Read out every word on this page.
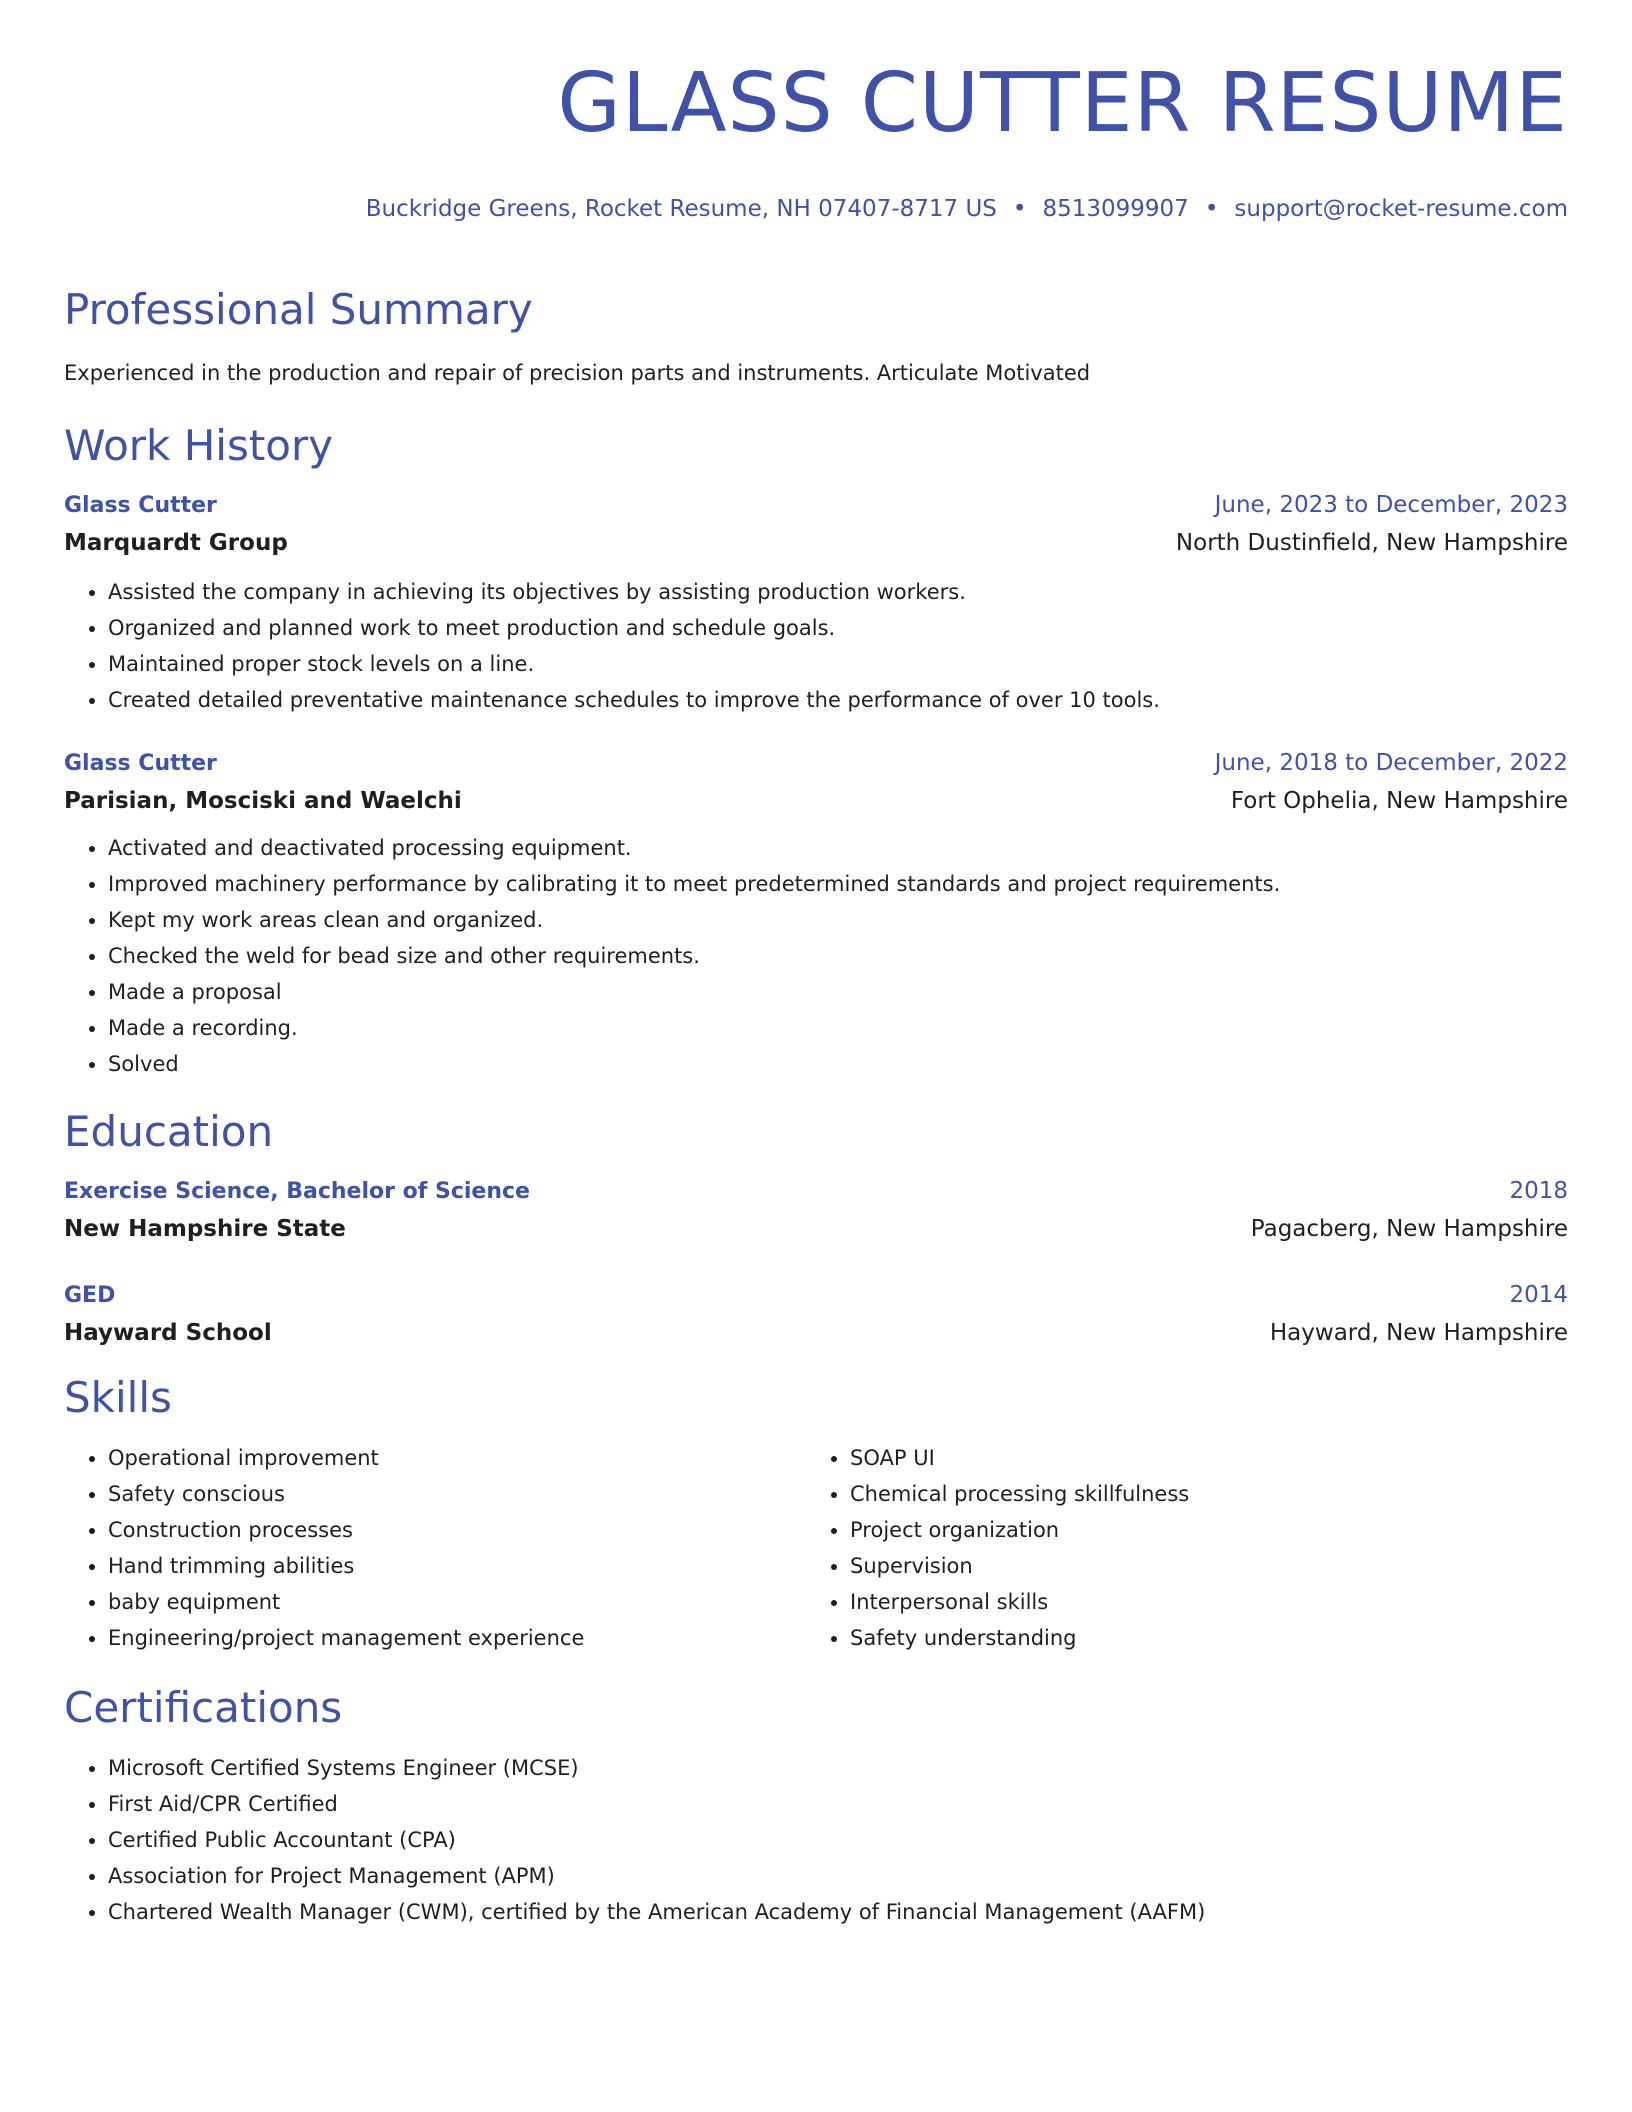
GLASS CUTTER RESUME
Buckridge Greens, Rocket Resume, NH 07407-8717 US • 8513099907 • support@rocket-resume.com
Professional Summary
Experienced in the production and repair of precision parts and instruments. Articulate Motivated
Work History
Glass Cutter	June, 2023 to December, 2023
Marquardt Group	North Dustinfield, New Hampshire
• Assisted the company in achieving its objectives by assisting production workers.
• Organized and planned work to meet production and schedule goals.
• Maintained proper stock levels on a line.
• Created detailed preventative maintenance schedules to improve the performance of over 10 tools.
Glass Cutter	June, 2018 to December, 2022
Parisian, Mosciski and Waelchi	Fort Ophelia, New Hampshire
• Activated and deactivated processing equipment.
• Improved machinery performance by calibrating it to meet predetermined standards and project requirements.
• Kept my work areas clean and organized.
• Checked the weld for bead size and other requirements.
• Made a proposal
• Made a recording.
• Solved
Education
Exercise Science, Bachelor of Science	2018
New Hampshire State	Pagacberg, New Hampshire
GED	2014
Hayward School	Hayward, New Hampshire
Skills
• Operational improvement
• Safety conscious
• Construction processes
• Hand trimming abilities
• baby equipment
• Engineering/project management experience
• SOAP UI
• Chemical processing skillfulness
• Project organization
• Supervision
• Interpersonal skills
• Safety understanding
Certifications
• Microsoft Certified Systems Engineer (MCSE)
• First Aid/CPR Certified
• Certified Public Accountant (CPA)
• Association for Project Management (APM)
• Chartered Wealth Manager (CWM), certified by the American Academy of Financial Management (AAFM)
